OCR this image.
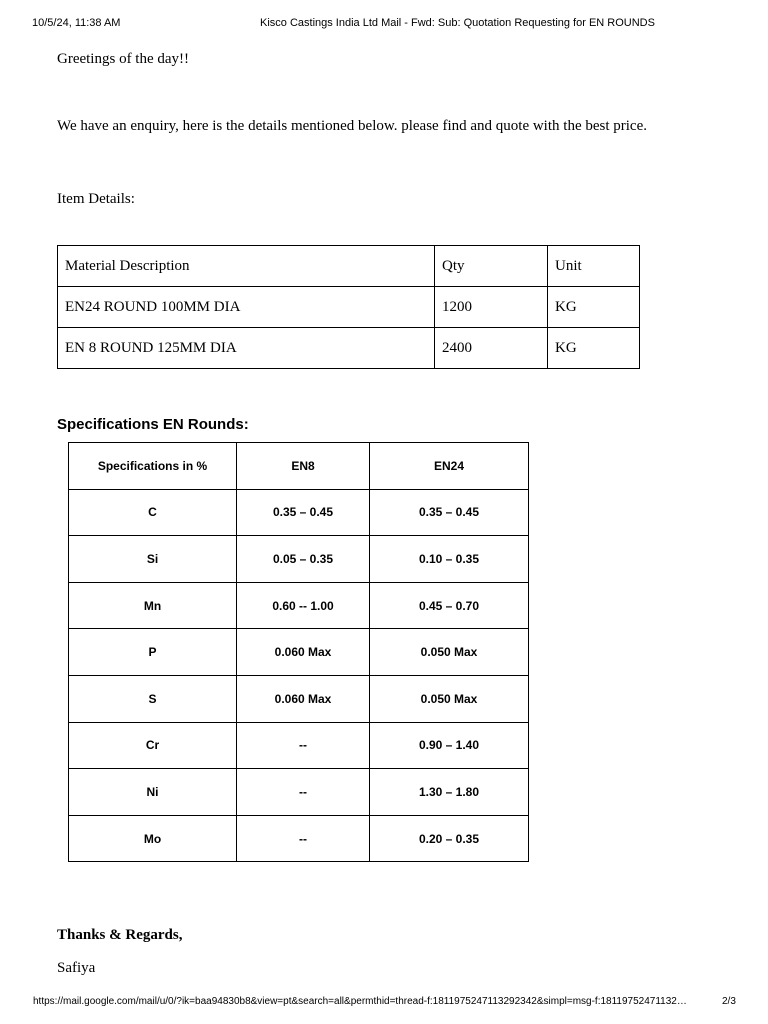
10/5/24, 11:38 AM	Kisco Castings India Ltd Mail - Fwd: Sub: Quotation Requesting for EN ROUNDS
Greetings of the day!!
We have an enquiry, here is the details mentioned below. please find and quote with the best price.
Item Details:
Material Description	Qty	Unit
EN24 ROUND 100MM DIA	1200	KG
EN 8 ROUND 125MM DIA	2400	KG
Specifications EN Rounds:
Specifications in %	EN8	EN24
C	0.35 – 0.45	0.35 – 0.45
Si	0.05 – 0.35	0.10 – 0.35
Mn	0.60 -- 1.00	0.45 – 0.70
P	0.060 Max	0.050 Max
S	0.060 Max	0.050 Max
Cr	--	0.90 – 1.40
Ni	--	1.30 – 1.80
Mo	--	0.20 – 0.35
Thanks & Regards,
Safiya
https://mail.google.com/mail/u/0/?ik=baa94830b8&view=pt&search=all&permthid=thread-f:1811975247113292342&simpl=msg-f:18119752471132…	2/3
